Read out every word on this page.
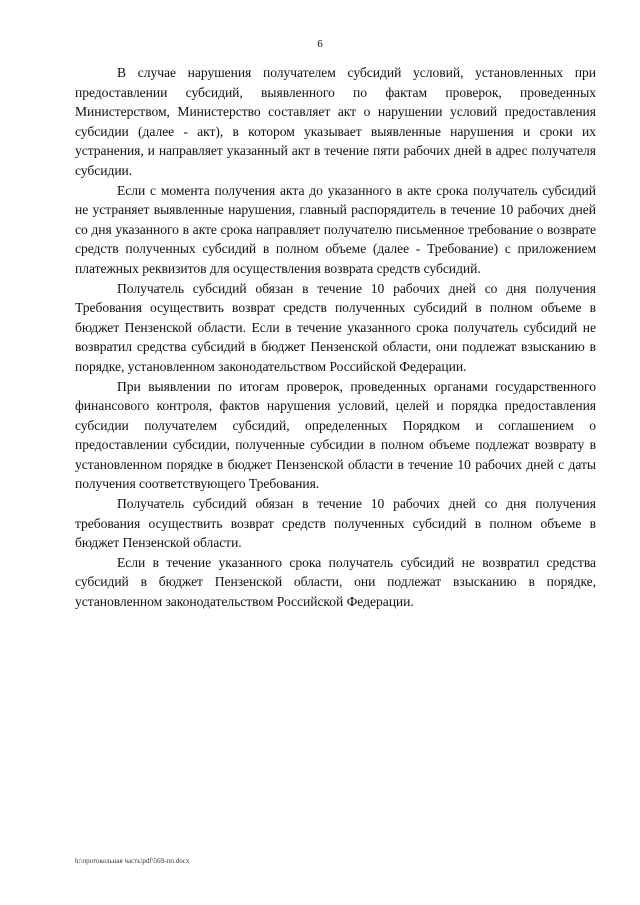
6

В случае нарушения получателем субсидий условий, установленных при предоставлении субсидий, выявленного по фактам проверок, проведенных Министерством, Министерство составляет акт о нарушении условий предоставления субсидии (далее - акт), в котором указывает выявленные нарушения и сроки их устранения, и направляет указанный акт в течение пяти рабочих дней в адрес получателя субсидии.

Если с момента получения акта до указанного в акте срока получатель субсидий не устраняет выявленные нарушения, главный распорядитель в течение 10 рабочих дней со дня указанного в акте срока направляет получателю письменное требование о возврате средств полученных субсидий в полном объеме (далее - Требование) с приложением платежных реквизитов для осуществления возврата средств субсидий.

Получатель субсидий обязан в течение 10 рабочих дней со дня получения Требования осуществить возврат средств полученных субсидий в полном объеме в бюджет Пензенской области. Если в течение указанного срока получатель субсидий не возвратил средства субсидий в бюджет Пензенской области, они подлежат взысканию в порядке, установленном законодательством Российской Федерации.

При выявлении по итогам проверок, проведенных органами государственного финансового контроля, фактов нарушения условий, целей и порядка предоставления субсидии получателем субсидий, определенных Порядком и соглашением о предоставлении субсидии, полученные субсидии в полном объеме подлежат возврату в установленном порядке в бюджет Пензенской области в течение 10 рабочих дней с даты получения соответствующего Требования.

Получатель субсидий обязан в течение 10 рабочих дней со дня получения требования осуществить возврат средств полученных субсидий в полном объеме в бюджет Пензенской области.

Если в течение указанного срока получатель субсидий не возвратил средства субсидий в бюджет Пензенской области, они подлежат взысканию в порядке, установленном законодательством Российской Федерации.

h:\протокольная часть\pdf\569-пп.docx
